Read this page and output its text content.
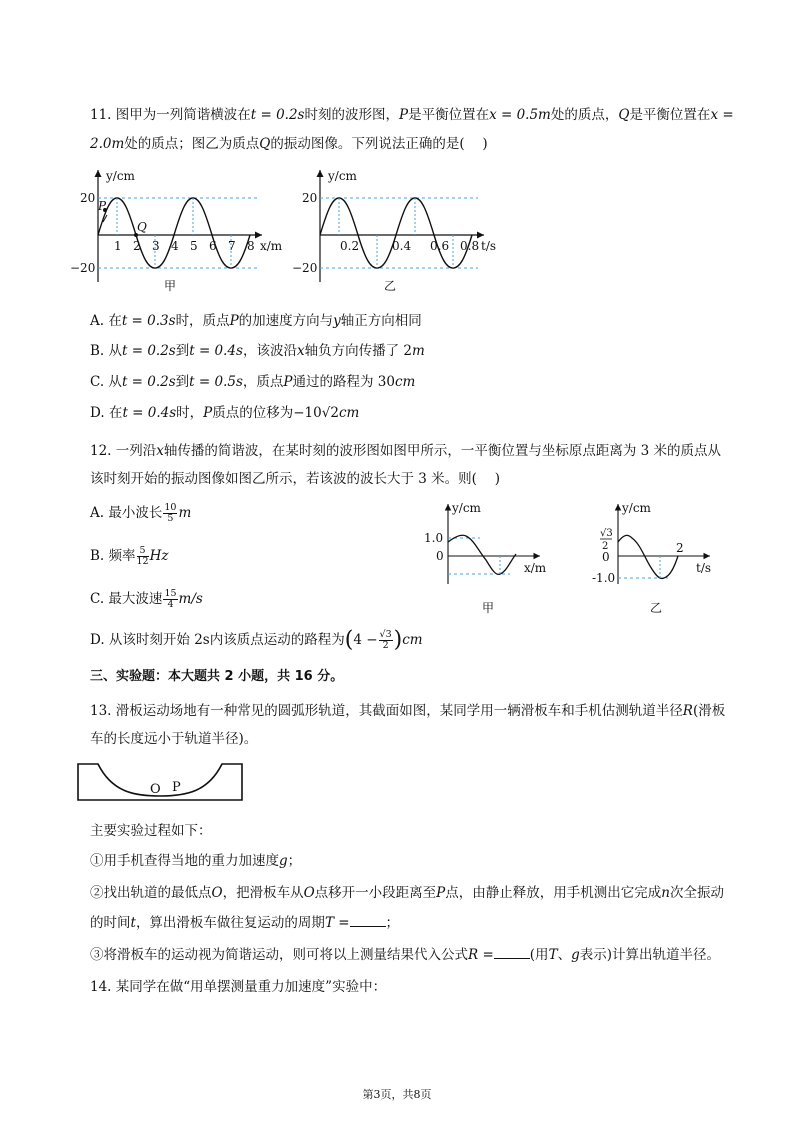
11. 图甲为一列简谐横波在t = 0.2s时刻的波形图，P是平衡位置在x = 0.5m处的质点，Q是平衡位置在x =
2.0m处的质点；图乙为质点Q的振动图像。下列说法正确的是(　 )
y/cm
x/m
20
−20
P
Q
1 2 3 4 5 6 7 8
甲
y/cm
t/s
20
−20
0.2	0.4 0.6 0.8
乙
A. 在t = 0.3s时，质点P的加速度方向与y轴正方向相同
B. 从t = 0.2s到t = 0.4s，该波沿x轴负方向传播了 2m
C. 从t = 0.2s到t = 0.5s，质点P通过的路程为 30cm
D. 在t = 0.4s时，P质点的位移为−10√2cm
12. 一列沿x轴传播的简谐波，在某时刻的波形图如图甲所示，一平衡位置与坐标原点距离为 3 米的质点从
该时刻开始的振动图像如图乙所示，若该波的波长大于 3 米。则(　 )
A. 最小波长 $\frac{10}{5}$ m
B. 频率 $\frac{5}{12}$ Hz
C. 最大波速 $\frac{15}{4} m/s$
D. 从该时刻开始 2s内该质点运动的路程为$(4 - \frac{√3}{2} )cm$
y/cm
1.0
0
x/m
甲
y/cm
√3
2
0
-1.0
2
t/s
乙
三、实验题：本大题共 2 小题，共 16 分。
13. 滑板运动场地有一种常见的圆弧形轨道，其截面如图，某同学用一辆滑板车和手机估测轨道半径R(滑板
车的长度远小于轨道半径)。
O P
主要实验过程如下：
①用手机查得当地的重力加速度g；
②找出轨道的最低点O，把滑板车从O点移开一小段距离至P点，由静止释放，用手机测出它完成n次全振动
的时间t，算出滑板车做往复运动的周期T =	；
③将滑板车的运动视为简谐运动，则可将以上测量结果代入公式R =	(用T、g表示)计算出轨道半径。
14. 某同学在做“用单摆测量重力加速度”实验中：
第3页，共8页
